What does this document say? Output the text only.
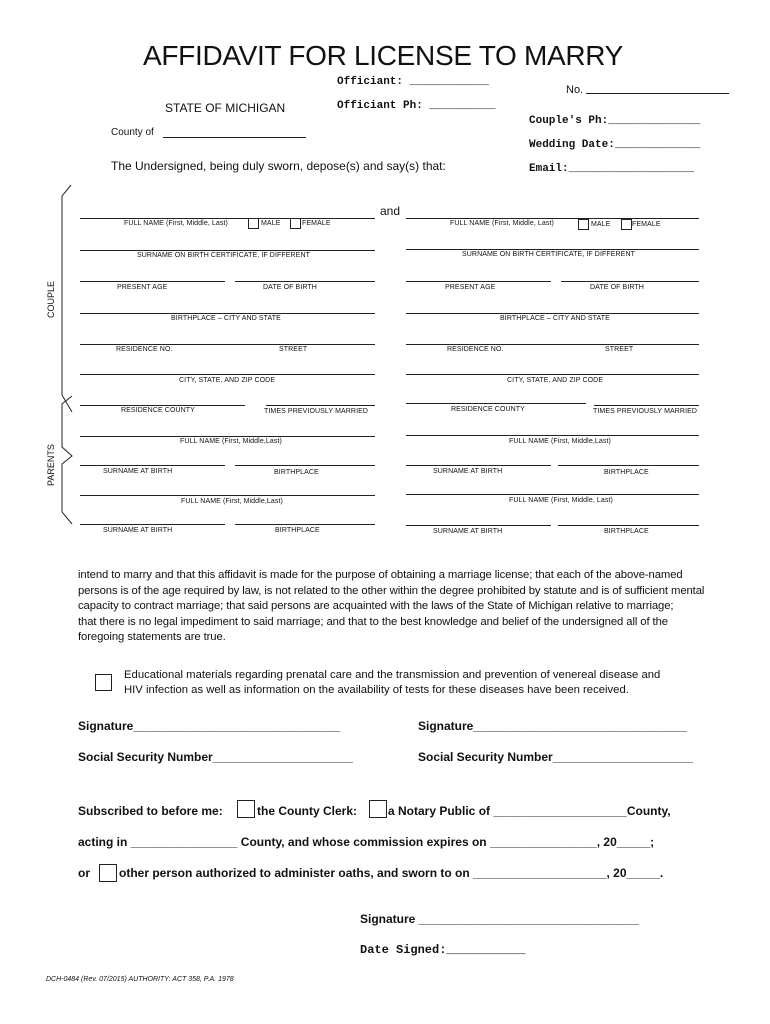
AFFIDAVIT FOR LICENSE TO MARRY
Officiant: ____________
Officiant Ph: __________
No.
STATE OF MICHIGAN
County of
Couple's Ph:______________
Wedding Date:_____________
Email:___________________
The Undersigned, being duly sworn, depose(s) and say(s) that:
COUPLE
PARENTS
and
FULL NAME (First, Middle, Last)	MALE	FEMALE
SURNAME ON BIRTH CERTIFICATE, IF DIFFERENT
PRESENT AGE	DATE OF BIRTH
BIRTHPLACE – CITY AND STATE
RESIDENCE NO.	STREET
CITY, STATE, AND ZIP CODE
RESIDENCE COUNTY	TIMES PREVIOUSLY MARRIED
FULL NAME (First, Middle,Last)
SURNAME AT BIRTH	BIRTHPLACE
FULL NAME (First, Middle,Last)
SURNAME AT BIRTH	BIRTHPLACE
FULL NAME (First, Middle, Last)	MALE	FEMALE
SURNAME ON BIRTH CERTIFICATE, IF DIFFERENT
PRESENT AGE	DATE OF BIRTH
BIRTHPLACE – CITY AND STATE
RESIDENCE NO.	STREET
CITY, STATE, AND ZIP CODE
RESIDENCE COUNTY	TIMES PREVIOUSLY MARRIED
FULL NAME (First, Middle,Last)
SURNAME AT BIRTH	BIRTHPLACE
FULL NAME (First, Middle, Last)
SURNAME AT BIRTH	BIRTHPLACE
intend to marry and that this affidavit is made for the purpose of obtaining a marriage license; that each of the above-named
persons is of the age required by law, is not related to the other within the degree prohibited by statute and is of sufficient mental
capacity to contract marriage; that said persons are acquainted with the laws of the State of Michigan relative to marriage;
that there is no legal impediment to said marriage; and that to the best knowledge and belief of the undersigned all of the
foregoing statements are true.
Educational materials regarding prenatal care and the transmission and prevention of venereal disease and
HIV infection as well as information on the availability of tests for these diseases have been received.
Signature_______________________________	Signature________________________________
Social Security Number_____________________	Social Security Number_____________________
Subscribed to before me:	the County Clerk:	a Notary Public of ____________________County,
acting in ________________ County, and whose commission expires on ________________, 20_____;
or other person authorized to administer oaths, and sworn to on ____________________, 20_____.
Signature _________________________________
Date Signed:___________
DCH-0484 (Rev. 07/2015) AUTHORITY: ACT 358, P.A. 1978
